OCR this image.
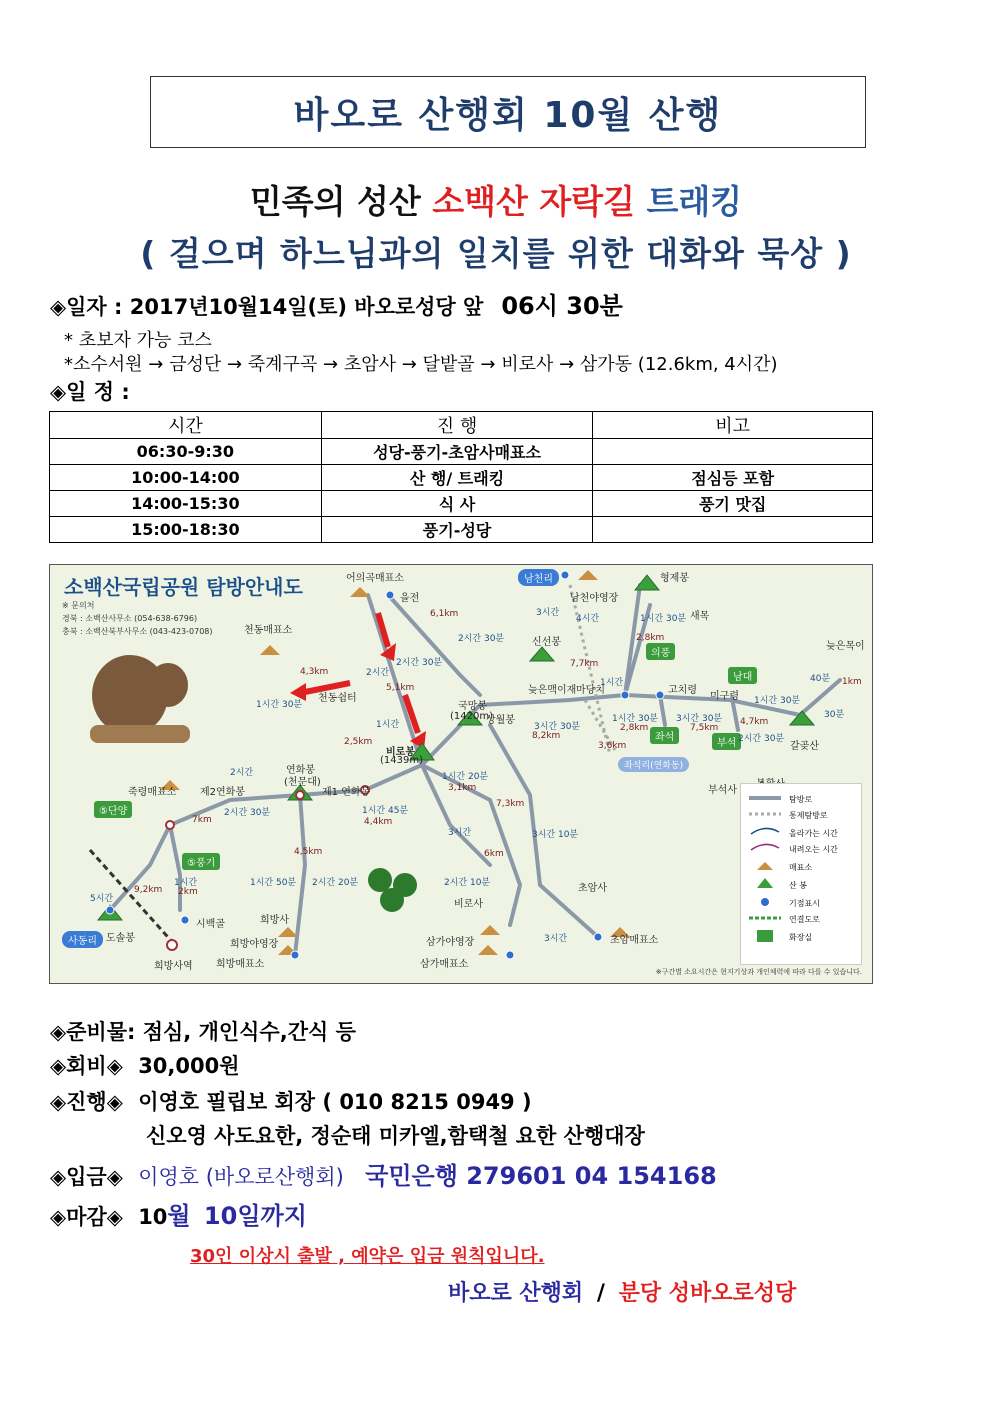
바오로 산행회 10월 산행
민족의 성산 소백산 자락길 트래킹
( 걸으며 하느님과의 일치를 위한 대화와 묵상 )
◈일자 : 2017년10월14일(토) 바오로성당 앞 06시 30분
* 초보자 가능 코스
*소수서원 → 금성단 → 죽계구곡 → 초암사 → 달밭골 → 비로사 → 삼가동 (12.6km, 4시간)
◈일 정 :
시간	진 행	비고
06:30-9:30	성당-풍기-초암사매표소	
10:00-14:00	산 행/ 트래킹	점심등 포함
14:00-15:30	식 사	풍기 맛집
15:00-18:30	풍기-성당	
소백산국립공원 탐방안내도
※ 문의처
경북 : 소백산사무소 (054-638-6796)
충북 : 소백산북부사무소 (043-423-0708)
어의곡매표소
을전
남천리
남천야영장
형제봉
새목
신선봉
천동매표소
천동쉼터
국망봉
(1420m)
상월봉
늦은맥이재 마당치	고치령
미구령
의풍
남대
좌석
부석	갈곶산
늦은목이
비로봉
(1439m)
연화봉
(천문대)
제1 연화봉
제2연화봉
죽령매표소
⑤단양
⑤풍기
좌석리(연화동)
부석사
초암사
초암매표소
비로사
희방사
희방야영장
희방매표소
삼가야영장
삼가매표소
사동리 도솔봉
시백골
희방사역
6,1km
2시간 30분
2시간
2시간 30분
5,1km
1시간
2,5km
4,3km
1시간 30분
3시간
4시간
7,7km
1시간
2,8km
1시간 30분
1시간 30분
2,8km
3시간 30분
7,5km
4,7km
2시간 30분
1시간 30분
40분 1km
30분
3시간 30분
8,2km
3,6km
1시간 20분
3,1km
1시간 45분
4,4km
2시간
2시간 30분
7km
7,3km
3시간 10분
3시간
6km
1시간 50분 2시간 20분
4,5km
2시간 10분
3시간
1시간
2km
9,2km
5시간
탐방로
통제탐방로
올라가는 시간
내려오는 시간
매표소
산 봉
기점표시
연결도로
화장실
※구간별 소요시간은 현지기상과 개인체력에 따라 다를 수 있습니다.
◈준비물: 점심, 개인식수,간식 등
◈회비◈ 30,000원
◈진행◈ 이영호 필립보 회장 ( 010 8215 0949 )
신오영 사도요한, 정순태 미카엘,함택철 요한 산행대장
◈입금◈ 이영호 (바오로산행회) 국민은행 279601 04 154168
◈마감◈ 10월 10일까지
30인 이상시 출발 , 예약은 입금 원칙입니다.
바오로 산행회 / 분당 성바오로성당
